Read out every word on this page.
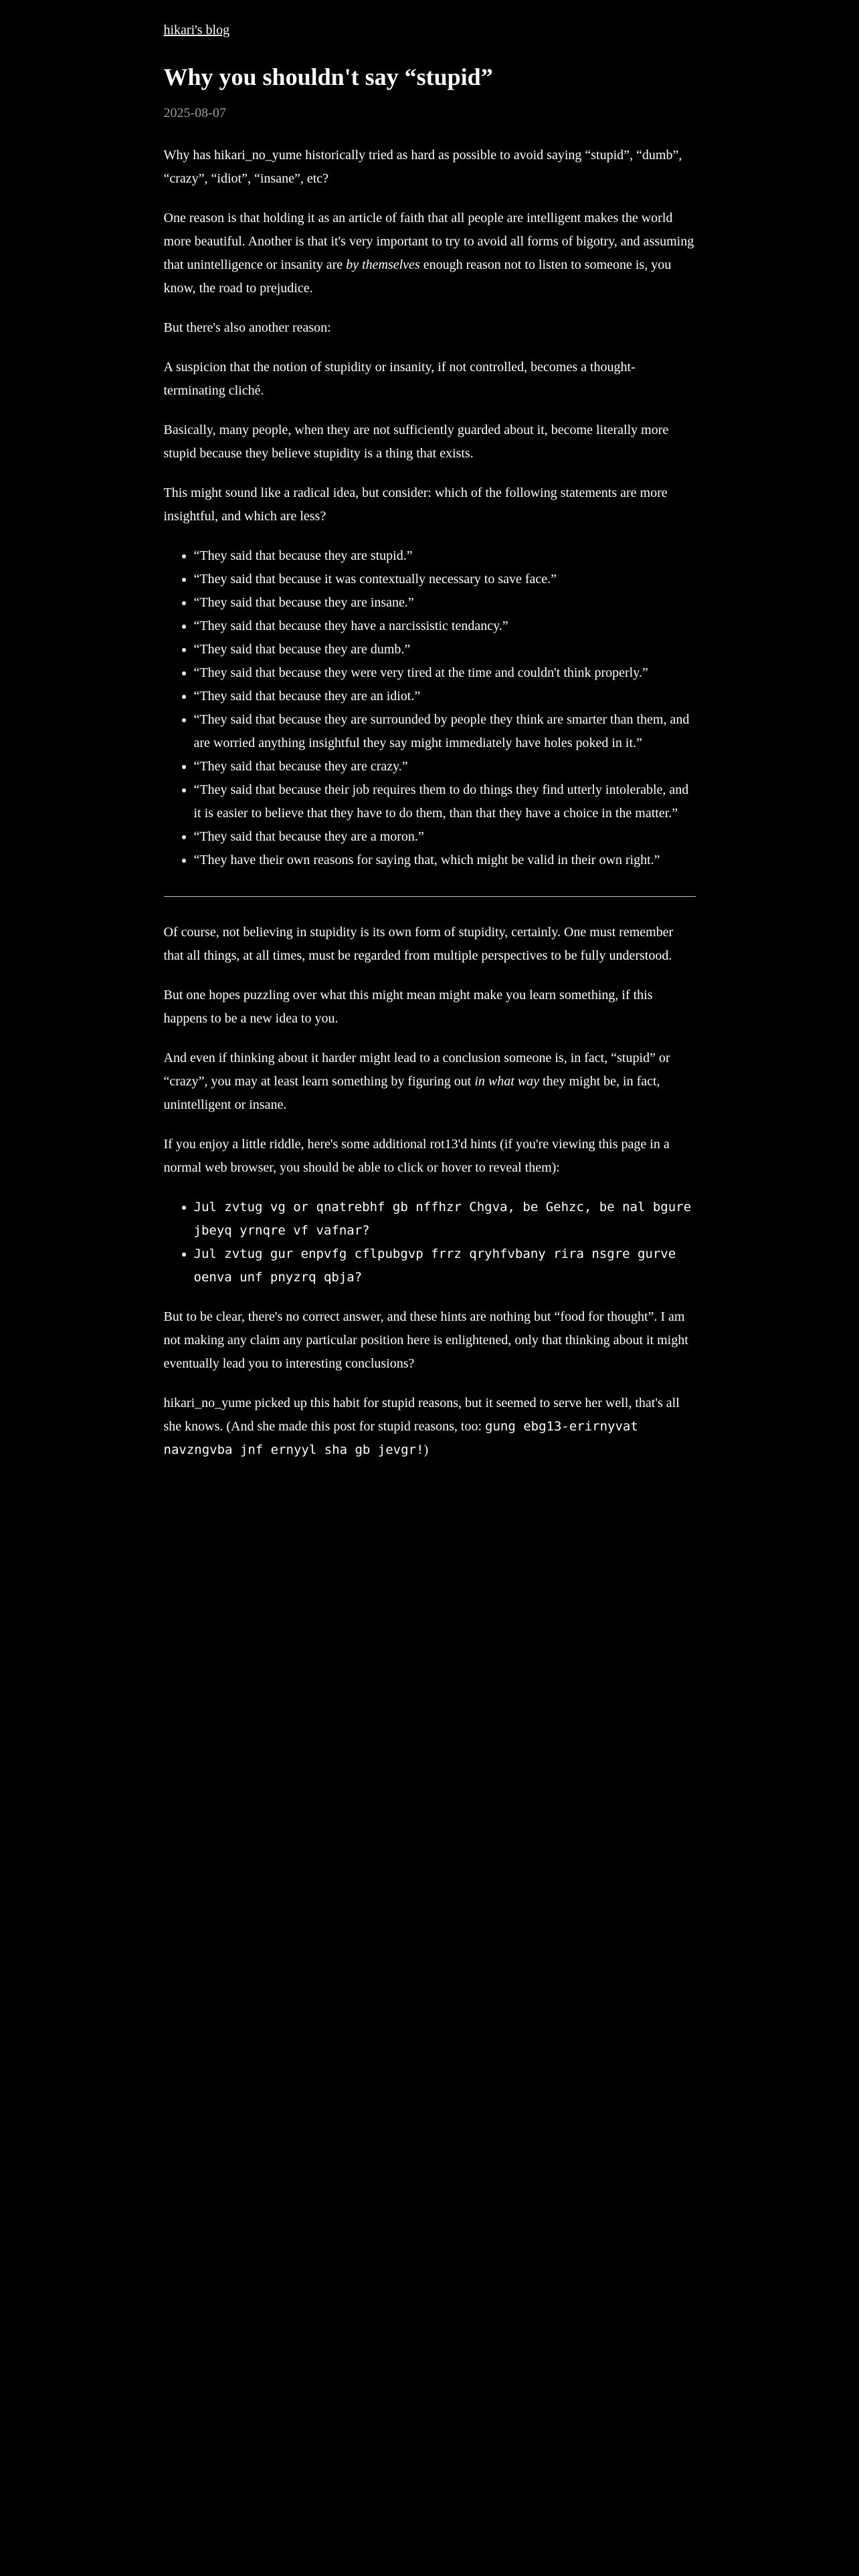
hikari's blog
Why you shouldn't say “stupid”

2025-08-07

Why has hikari_no_yume historically tried as hard as possible to avoid saying “stupid”, “dumb”, “crazy”, “idiot”, “insane”, etc?

One reason is that holding it as an article of faith that all people are intelligent makes the world more beautiful. Another is that it's very important to try to avoid all forms of bigotry, and assuming that unintelligence or insanity are by themselves enough reason not to listen to someone is, you know, the road to prejudice.

But there's also another reason:

A suspicion that the notion of stupidity or insanity, if not controlled, becomes a thought-terminating cliché.

Basically, many people, when they are not sufficiently guarded about it, become literally more stupid because they believe stupidity is a thing that exists.

This might sound like a radical idea, but consider: which of the following statements are more insightful, and which are less?

• “They said that because they are stupid.”
• “They said that because it was contextually necessary to save face.”
• “They said that because they are insane.”
• “They said that because they have a narcissistic tendancy.”
• “They said that because they are dumb.”
• “They said that because they were very tired at the time and couldn't think properly.”
• “They said that because they are an idiot.”
• “They said that because they are surrounded by people they think are smarter than them, and are worried anything insightful they say might immediately have holes poked in it.”
• “They said that because they are crazy.”
• “They said that because their job requires them to do things they find utterly intolerable, and it is easier to believe that they have to do them, than that they have a choice in the matter.”
• “They said that because they are a moron.”
• “They have their own reasons for saying that, which might be valid in their own right.”

Of course, not believing in stupidity is its own form of stupidity, certainly. One must remember that all things, at all times, must be regarded from multiple perspectives to be fully understood.

But one hopes puzzling over what this might mean might make you learn something, if this happens to be a new idea to you.

And even if thinking about it harder might lead to a conclusion someone is, in fact, “stupid” or “crazy”, you may at least learn something by figuring out in what way they might be, in fact, unintelligent or insane.

If you enjoy a little riddle, here's some additional rot13'd hints (if you're viewing this page in a normal web browser, you should be able to click or hover to reveal them):

• Jul zvtug vg or qnatrebhf gb nffhzr Chgva, be Gehzc, be nal bgure jbeyq yrnqre vf vafnar?
• Jul zvtug gur enpvfg cflpubgvp frrz qryhfvbany rira nsgre gurve oenva unf pnyzrq qbja?

But to be clear, there's no correct answer, and these hints are nothing but “food for thought”. I am not making any claim any particular position here is enlightened, only that thinking about it might eventually lead you to interesting conclusions?

hikari_no_yume picked up this habit for stupid reasons, but it seemed to serve her well, that's all she knows. (And she made this post for stupid reasons, too: gung ebg13-erirnyvat navzngvba jnf ernyyl sha gb jevgr!)
